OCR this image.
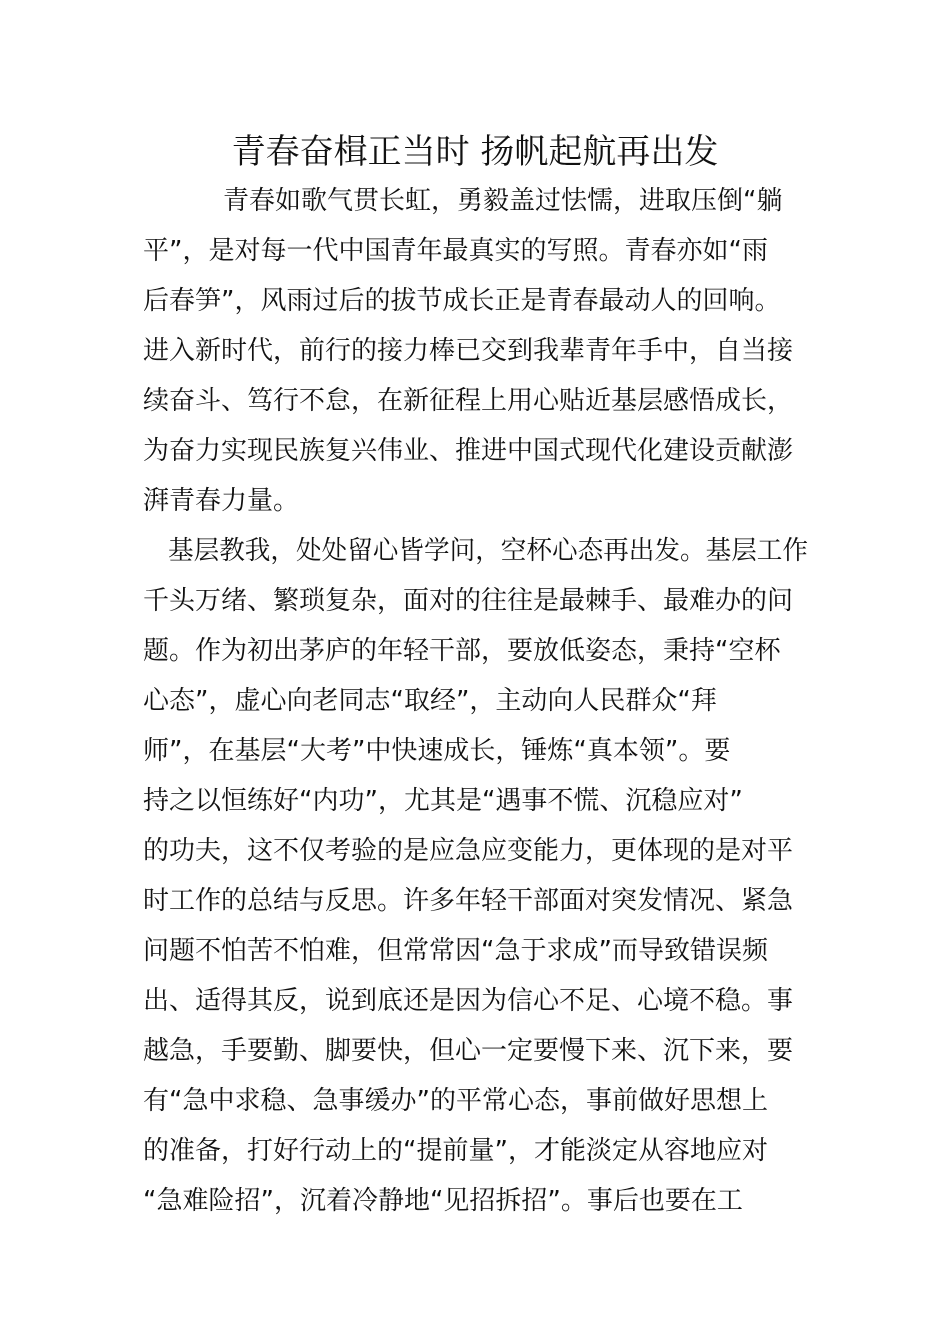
青春奋楫正当时 扬帆起航再出发
青春如歌气贯长虹，勇毅盖过怯懦，进取压倒“躺
平”，是对每一代中国青年最真实的写照。青春亦如“雨
后春笋”，风雨过后的拔节成长正是青春最动人的回响。
进入新时代，前行的接力棒已交到我辈青年手中，自当接
续奋斗、笃行不怠，在新征程上用心贴近基层感悟成长，
为奋力实现民族复兴伟业、推进中国式现代化建设贡献澎
湃青春力量。
基层教我，处处留心皆学问，空杯心态再出发。基层工作
千头万绪、繁琐复杂，面对的往往是最棘手、最难办的问
题。作为初出茅庐的年轻干部，要放低姿态，秉持“空杯
心态”，虚心向老同志“取经”，主动向人民群众“拜
师”，在基层“大考”中快速成长，锤炼“真本领”。要
持之以恒练好“内功”，尤其是“遇事不慌、沉稳应对”
的功夫，这不仅考验的是应急应变能力，更体现的是对平
时工作的总结与反思。许多年轻干部面对突发情况、紧急
问题不怕苦不怕难，但常常因“急于求成”而导致错误频
出、适得其反，说到底还是因为信心不足、心境不稳。事
越急，手要勤、脚要快，但心一定要慢下来、沉下来，要
有“急中求稳、急事缓办”的平常心态，事前做好思想上
的准备，打好行动上的“提前量”，才能淡定从容地应对
“急难险招”，沉着冷静地“见招拆招”。事后也要在工
